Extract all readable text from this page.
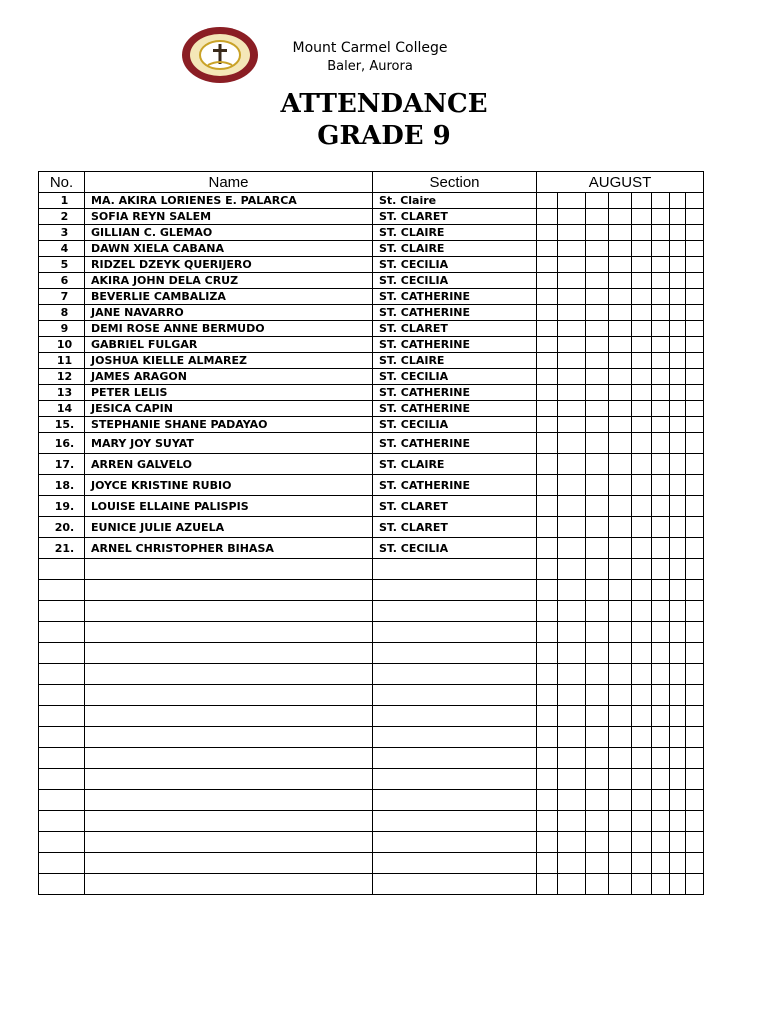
Mount Carmel College
Baler, Aurora
ATTENDANCE
GRADE 9
No.	Name	Section	AUGUST							
1	MA. AKIRA LORIENES E. PALARCA	St. Claire								
2	SOFIA REYN SALEM	ST. CLARET								
3	GILLIAN C. GLEMAO	ST. CLAIRE								
4	DAWN XIELA CABANA	ST. CLAIRE								
5	RIDZEL DZEYK QUERIJERO	ST. CECILIA								
6	AKIRA JOHN DELA CRUZ	ST. CECILIA								
7	BEVERLIE CAMBALIZA	ST. CATHERINE								
8	JANE NAVARRO	ST. CATHERINE								
9	DEMI ROSE ANNE BERMUDO	ST. CLARET								
10	GABRIEL FULGAR	ST. CATHERINE								
11	JOSHUA KIELLE ALMAREZ	ST. CLAIRE								
12	JAMES ARAGON	ST. CECILIA								
13	PETER LELIS	ST. CATHERINE								
14	JESICA CAPIN	ST. CATHERINE								
15.	STEPHANIE SHANE PADAYAO	ST. CECILIA								
16.	MARY JOY SUYAT	ST. CATHERINE								
17.	ARREN GALVELO	ST. CLAIRE								
18.	JOYCE KRISTINE RUBIO	ST. CATHERINE								
19.	LOUISE ELLAINE PALISPIS	ST. CLARET								
20.	EUNICE JULIE AZUELA	ST. CLARET								
21.	ARNEL CHRISTOPHER BIHASA	ST. CECILIA								
